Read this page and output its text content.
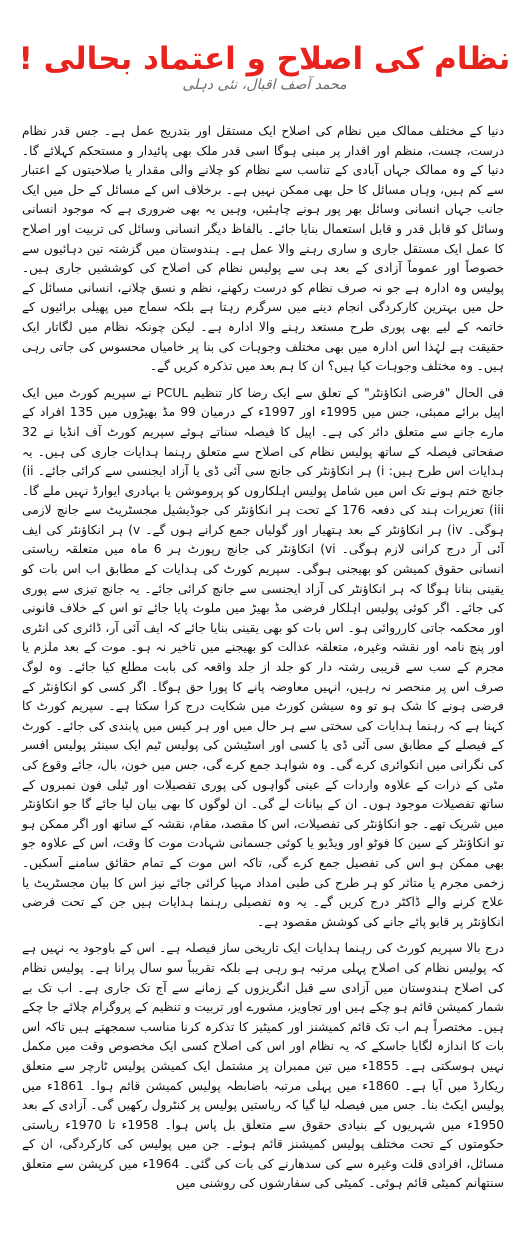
نظام کی اصلاح و اعتماد بحالی !
محمد آصف اقبال، نئی دہلی

دنیا کے مختلف ممالک میں نظام کی اصلاح ایک مستقل اور بتدریج عمل ہے۔ جس قدر نظام درست، چست، منظم اور اقدار پر مبنی ہوگا اسی قدر ملک بھی پائیدار و مستحکم کہلائے گا۔ دنیا کے وہ ممالک جہاں آبادی کے تناسب سے نظام کو چلانے والی مقدار یا صلاحیتوں کے اعتبار سے کم ہیں، وہاں مسائل کا حل بھی ممکن نہیں ہے۔ برخلاف اس کے مسائل کے حل میں ایک جانب جہاں انسانی وسائل بھر پور ہونے چاہئیں، وہیں یہ بھی ضروری ہے کہ موجود انسانی وسائل کو قابل قدر و قابل استعمال بنایا جائے۔ بالفاظ دیگر انسانی وسائل کی تربیت اور اصلاح کا عمل ایک مستقل جاری و ساری رہنے والا عمل ہے۔ ہندوستان میں گزشتہ تین دہائیوں سے خصوصاً اور عموماً آزادی کے بعد ہی سے پولیس نظام کی اصلاح کی کوششیں جاری ہیں۔ پولیس وہ ادارہ ہے جو نہ صرف نظام کو درست رکھنے، نظم و نسق چلانے، انسانی مسائل کے حل میں بہترین کارکردگی انجام دینے میں سرگرم رہتا ہے بلکہ سماج میں پھیلی برائیوں کے خاتمہ کے لیے بھی پوری طرح مستعد رہنے والا ادارہ ہے۔ لیکن چونکہ نظام میں لگاتار ایک حقیقت ہے لہٰذا اس ادارہ میں بھی مختلف وجوہات کی بنا پر خامیاں محسوس کی جاتی رہی ہیں۔ وہ مختلف وجوہات کیا ہیں؟ ان کا ہم بعد میں تذکرہ کریں گے۔

فی الحال "فرضی انکاؤنٹر" کے تعلق سے ایک رضا کار تنظیم PCUL نے سپریم کورٹ میں ایک اپیل برائے ممبئی، جس میں 1995ء اور 1997ء کے درمیان 99 مڈ بھیڑوں میں 135 افراد کے مارے جانے سے متعلق دائر کی ہے۔ اپیل کا فیصلہ سناتے ہوئے سپریم کورٹ آف انڈیا نے 32 صفحاتی فیصلہ کے ساتھ پولیس نظام کی اصلاح سے متعلق رہنما ہدایات جاری کی ہیں۔ یہ ہدایات اس طرح ہیں: i) ہر انکاؤنٹر کی جانچ سی آئی ڈی یا آزاد ایجنسی سے کرائی جائے۔ ii) جانچ ختم ہونے تک اس میں شامل پولیس اہلکاروں کو پروموشن یا بہادری ایوارڈ نہیں ملے گا۔ iii) تعزیرات ہند کی دفعہ 176 کے تحت ہر انکاؤنٹر کی جوڈیشیل مجسٹریٹ سے جانچ لازمی ہوگی۔ iv) ہر انکاؤنٹر کے بعد ہتھیار اور گولیاں جمع کرانے ہوں گے۔ v) ہر انکاؤنٹر کی ایف آئی آر درج کرانی لازم ہوگی۔ vi) انکاؤنٹر کی جانچ رپورٹ ہر 6 ماہ میں متعلقہ ریاستی انسانی حقوق کمیشن کو بھیجنی ہوگی۔ سپریم کورٹ کی ہدایات کے مطابق اب اس بات کو یقینی بنانا ہوگا کہ ہر انکاؤنٹر کی آزاد ایجنسی سے جانچ کرائی جائے۔ یہ جانچ تیزی سے پوری کی جائے۔ اگر کوئی پولیس اہلکار فرضی مڈ بھیڑ میں ملوث پایا جائے تو اس کے خلاف قانونی اور محکمہ جاتی کارروائی ہو۔ اس بات کو بھی یقینی بنایا جائے کہ ایف آئی آر، ڈائری کی انٹری اور پنچ نامہ اور نقشہ وغیرہ، متعلقہ عدالت کو بھیجنے میں تاخیر نہ ہو۔ موت کے بعد ملزم یا مجرم کے سب سے قریبی رشتہ دار کو جلد از جلد واقعہ کی بابت مطلع کیا جائے۔ وہ لوگ صرف اس پر منحصر نہ رہیں، انہیں معاوضہ پانے کا پورا حق ہوگا۔ اگر کسی کو انکاؤنٹر کے فرضی ہونے کا شک ہو تو وہ سیشن کورٹ میں شکایت درج کرا سکتا ہے۔ سپریم کورٹ کا کہنا ہے کہ رہنما ہدایات کی سختی سے ہر حال میں اور ہر کیس میں پابندی کی جائے۔ کورٹ کے فیصلے کے مطابق سی آئی ڈی یا کسی اور اسٹیشن کی پولیس ٹیم ایک سینئر پولیس افسر کی نگرانی میں انکوائری کرے گی۔ وہ شواہد جمع کرے گی، جس میں خون، بال، جائے وقوع کی مٹی کے ذرات کے علاوہ واردات کے عینی گواہوں کی پوری تفصیلات اور ٹیلی فون نمبروں کے ساتھ تفصیلات موجود ہوں۔ ان کے بیانات لے گی۔ ان لوگوں کا بھی بیان لیا جائے گا جو انکاؤنٹر میں شریک تھے۔ جو انکاؤنٹر کی تفصیلات، اس کا مقصد، مقام، نقشہ کے ساتھ اور اگر ممکن ہو تو انکاؤنٹر کے سین کا فوٹو اور ویڈیو یا کوئی جسمانی شہادت موت کا وقت، اس کے علاوہ جو بھی ممکن ہو اس کی تفصیل جمع کرے گی، تاکہ اس موت کے تمام حقائق سامنے آسکیں۔ زخمی مجرم یا متاثر کو ہر طرح کی طبی امداد مہیا کرائی جائے نیز اس کا بیان مجسٹریٹ یا علاج کرنے والے ڈاکٹر درج کریں گے۔ یہ وہ تفصیلی رہنما ہدایات ہیں جن کے تحت فرضی انکاؤنٹر پر قابو پائے جانے کی کوشش مقصود ہے۔

درج بالا سپریم کورٹ کی رہنما ہدایات ایک تاریخی ساز فیصلہ ہے۔ اس کے باوجود یہ نہیں ہے کہ پولیس نظام کی اصلاح پہلی مرتبہ ہو رہی ہے بلکہ تقریباً سو سال پرانا ہے۔ پولیس نظام کی اصلاح ہندوستان میں آزادی سے قبل انگریزوں کے زمانے سے آج تک جاری ہے۔ اب تک بے شمار کمیشن قائم ہو چکے ہیں اور تجاویز، مشورے اور تربیت و تنظیم کے پروگرام چلائے جا چکے ہیں۔ مختصراً ہم اب تک قائم کمیشنز اور کمیٹیز کا تذکرہ کرنا مناسب سمجھتے ہیں تاکہ اس بات کا اندازہ لگایا جاسکے کہ یہ نظام اور اس کی اصلاح کسی ایک مخصوص وقت میں مکمل نہیں ہوسکتی ہے۔ 1855ء میں تین ممبران پر مشتمل ایک کمیشن پولیس ٹارچر سے متعلق ریکارڈ میں آیا ہے۔ 1860ء میں پہلی مرتبہ باضابطہ پولیس کمیشن قائم ہوا۔ 1861ء میں پولیس ایکٹ بنا۔ جس میں فیصلہ لیا گیا کہ ریاستیں پولیس پر کنٹرول رکھیں گی۔ آزادی کے بعد 1950ء میں شہریوں کے بنیادی حقوق سے متعلق بل پاس ہوا۔ 1958ء تا 1970ء ریاستی حکومتوں کے تحت مختلف پولیس کمیشنز قائم ہوئے۔ جن میں پولیس کی کارکردگی، ان کے مسائل، افرادی قلت وغیرہ سے کی سدھارنے کی بات کی گئی۔ 1964ء میں کرپشن سے متعلق سنتھانم کمیٹی قائم ہوئی۔ کمیٹی کی سفارشوں کی روشنی میں
